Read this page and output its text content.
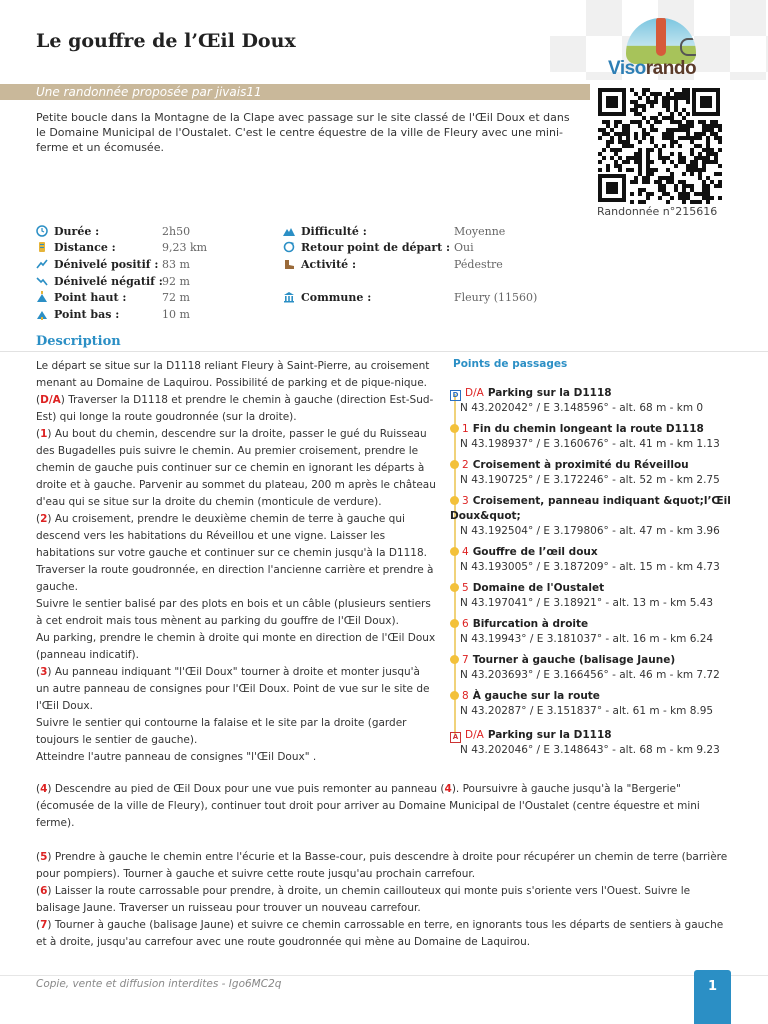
Le gouffre de l’Œil Doux
Visorando
Une randonnée proposée par jivais11
Randonnée n°215616

Petite boucle dans la Montagne de la Clape avec passage sur le site classé de l'Œil Doux et dans le Domaine Municipal de l'Oustalet. C'est le centre équestre de la ville de Fleury avec une mini-ferme et un écomusée.

Durée :	2h50
Distance :	9,23 km
Dénivelé positif : 83 m
Dénivelé négatif : 92 m
Point haut :	72 m
Point bas :	10 m
Difficulté :	Moyenne
Retour point de départ : Oui
Activité :	Pédestre
Commune :	Fleury (11560)
Description

Le départ se situe sur la D1118 reliant Fleury à Saint-Pierre, au croisement menant au Domaine de Laquirou. Possibilité de parking et de pique-nique.

(D/A) Traverser la D1118 et prendre le chemin à gauche (direction Est-Sud-Est) qui longe la route goudronnée (sur la droite).

(1) Au bout du chemin, descendre sur la droite, passer le gué du Ruisseau des Bugadelles puis suivre le chemin. Au premier croisement, prendre le chemin de gauche puis continuer sur ce chemin en ignorant les départs à droite et à gauche. Parvenir au sommet du plateau, 200 m après le château d'eau qui se situe sur la droite du chemin (monticule de verdure).

(2) Au croisement, prendre le deuxième chemin de terre à gauche qui descend vers les habitations du Réveillou et une vigne. Laisser les habitations sur votre gauche et continuer sur ce chemin jusqu'à la D1118. Traverser la route goudronnée, en direction l'ancienne carrière et prendre à gauche.

Suivre le sentier balisé par des plots en bois et un câble (plusieurs sentiers à cet endroit mais tous mènent au parking du gouffre de l'Œil Doux).

Au parking, prendre le chemin à droite qui monte en direction de l'Œil Doux (panneau indicatif).

(3) Au panneau indiquant "l'Œil Doux" tourner à droite et monter jusqu'à un autre panneau de consignes pour l'Œil Doux. Point de vue sur le site de l'Œil Doux.

Suivre le sentier qui contourne la falaise et le site par la droite (garder toujours le sentier de gauche).

Atteindre l'autre panneau de consignes "l'Œil Doux" .

(4) Descendre au pied de Œil Doux pour une vue puis remonter au panneau (4). Poursuivre à gauche jusqu'à la "Bergerie" (écomusée de la ville de Fleury), continuer tout droit pour arriver au Domaine Municipal de l'Oustalet (centre équestre et mini ferme).

(5) Prendre à gauche le chemin entre l'écurie et la Basse-cour, puis descendre à droite pour récupérer un chemin de terre (barrière pour pompiers). Tourner à gauche et suivre cette route jusqu'au prochain carrefour.

(6) Laisser la route carrossable pour prendre, à droite, un chemin caillouteux qui monte puis s'oriente vers l'Ouest. Suivre le balisage Jaune. Traverser un ruisseau pour trouver un nouveau carrefour.

(7) Tourner à gauche (balisage Jaune) et suivre ce chemin carrossable en terre, en ignorants tous les départs de sentiers à gauche et à droite, jusqu'au carrefour avec une route goudronnée qui mène au Domaine de Laquirou.

Points de passages
D D/A Parking sur la D1118
N 43.202042° / E 3.148596° - alt. 68 m - km 0
1 Fin du chemin longeant la route D1118
N 43.198937° / E 3.160676° - alt. 41 m - km 1.13
2 Croisement à proximité du Réveillou
N 43.190725° / E 3.172246° - alt. 52 m - km 2.75
3 Croisement, panneau indiquant &quot;l’Œil Doux&quot;
N 43.192504° / E 3.179806° - alt. 47 m - km 3.96
4 Gouffre de l’œil doux
N 43.193005° / E 3.187209° - alt. 15 m - km 4.73
5 Domaine de l'Oustalet
N 43.197041° / E 3.18921° - alt. 13 m - km 5.43
6 Bifurcation à droite
N 43.19943° / E 3.181037° - alt. 16 m - km 6.24
7 Tourner à gauche (balisage Jaune)
N 43.203693° / E 3.166456° - alt. 46 m - km 7.72
8 À gauche sur la route
N 43.20287° / E 3.151837° - alt. 61 m - km 8.95
A D/A Parking sur la D1118
N 43.202046° / E 3.148643° - alt. 68 m - km 9.23
Copie, vente et diffusion interdites - Igo6MC2q	1
